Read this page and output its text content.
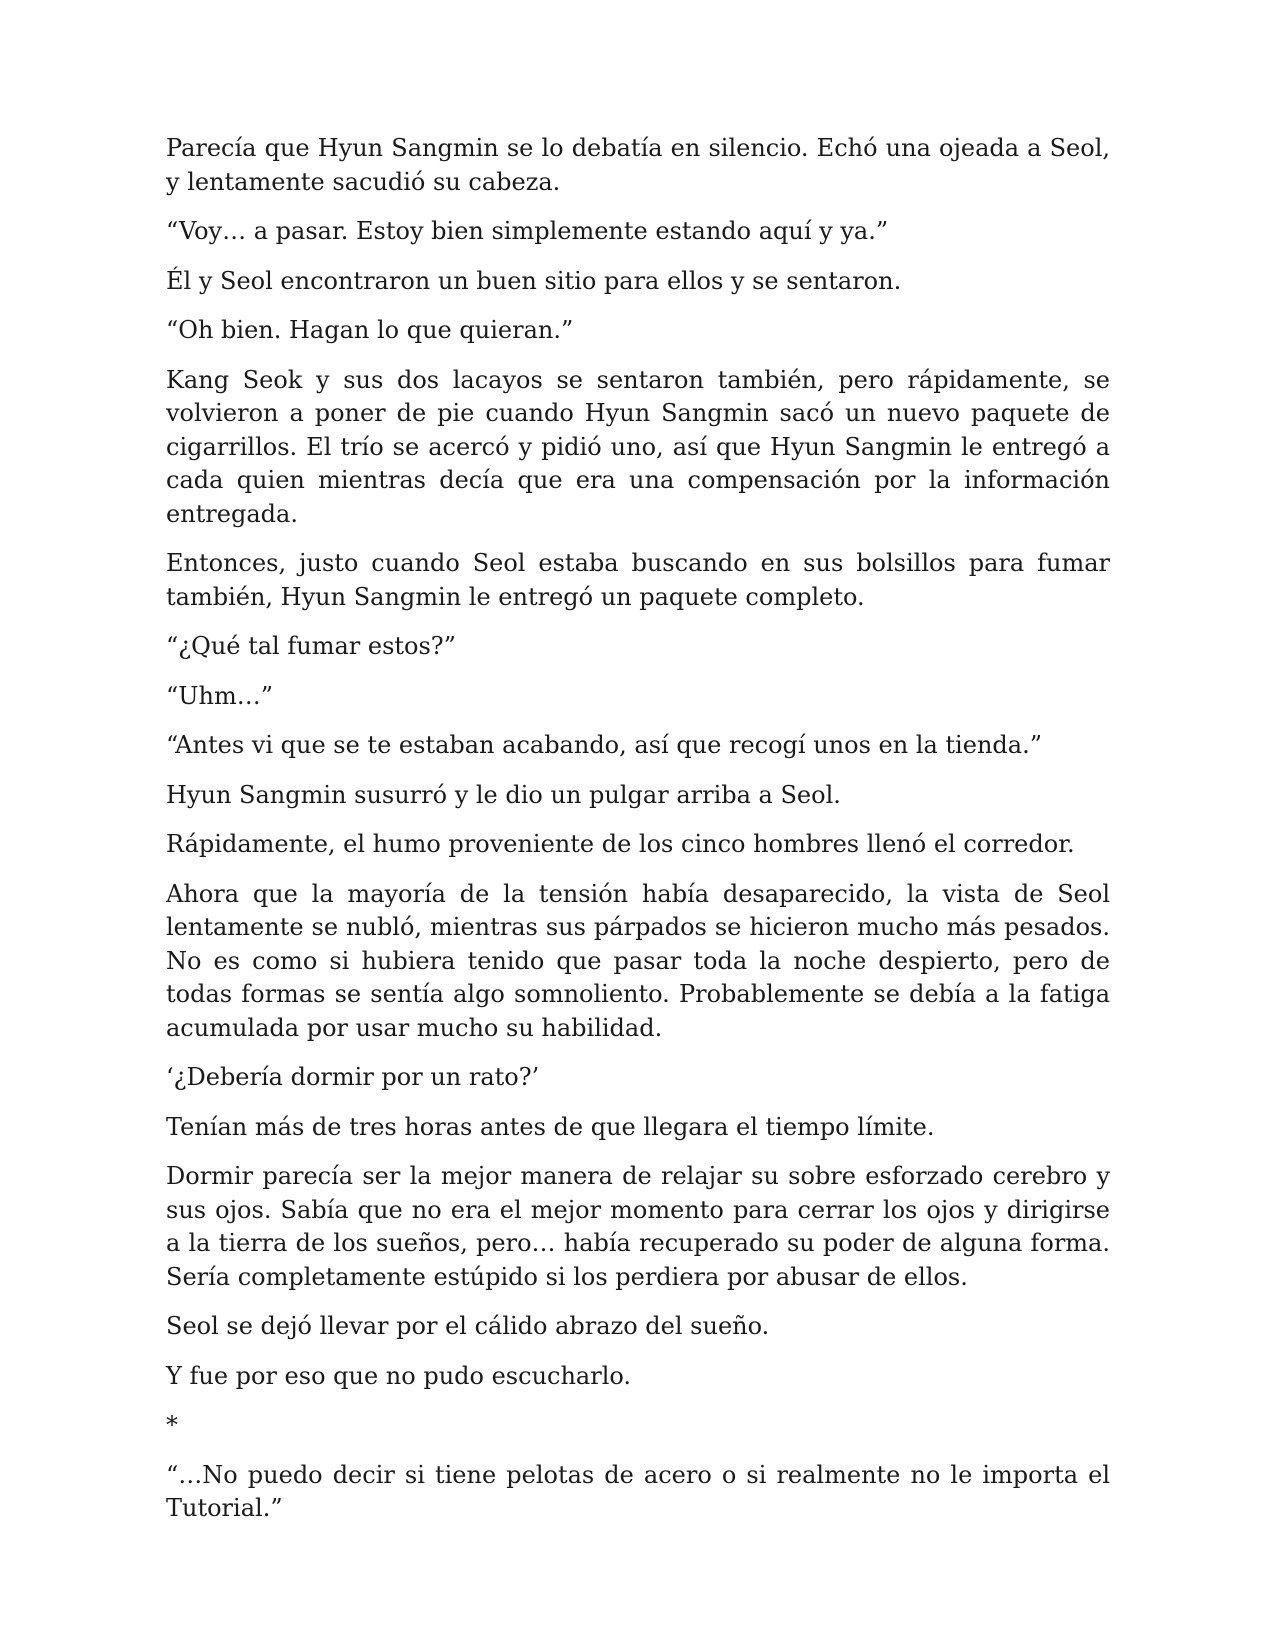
Parecía que Hyun Sangmin se lo debatía en silencio. Echó una ojeada a Seol, y lentamente sacudió su cabeza.

“Voy… a pasar. Estoy bien simplemente estando aquí y ya.”

Él y Seol encontraron un buen sitio para ellos y se sentaron.

“Oh bien. Hagan lo que quieran.”

Kang Seok y sus dos lacayos se sentaron también, pero rápidamente, se volvieron a poner de pie cuando Hyun Sangmin sacó un nuevo paquete de cigarrillos. El trío se acercó y pidió uno, así que Hyun Sangmin le entregó a cada quien mientras decía que era una compensación por la información entregada.

Entonces, justo cuando Seol estaba buscando en sus bolsillos para fumar también, Hyun Sangmin le entregó un paquete completo.

“¿Qué tal fumar estos?”

“Uhm…”

“Antes vi que se te estaban acabando, así que recogí unos en la tienda.”

Hyun Sangmin susurró y le dio un pulgar arriba a Seol.

Rápidamente, el humo proveniente de los cinco hombres llenó el corredor.

Ahora que la mayoría de la tensión había desaparecido, la vista de Seol lentamente se nubló, mientras sus párpados se hicieron mucho más pesados. No es como si hubiera tenido que pasar toda la noche despierto, pero de todas formas se sentía algo somnoliento. Probablemente se debía a la fatiga acumulada por usar mucho su habilidad.

‘¿Debería dormir por un rato?’

Tenían más de tres horas antes de que llegara el tiempo límite.

Dormir parecía ser la mejor manera de relajar su sobre esforzado cerebro y sus ojos. Sabía que no era el mejor momento para cerrar los ojos y dirigirse a la tierra de los sueños, pero… había recuperado su poder de alguna forma. Sería completamente estúpido si los perdiera por abusar de ellos.

Seol se dejó llevar por el cálido abrazo del sueño.

Y fue por eso que no pudo escucharlo.

*

“…No puedo decir si tiene pelotas de acero o si realmente no le importa el Tutorial.”
